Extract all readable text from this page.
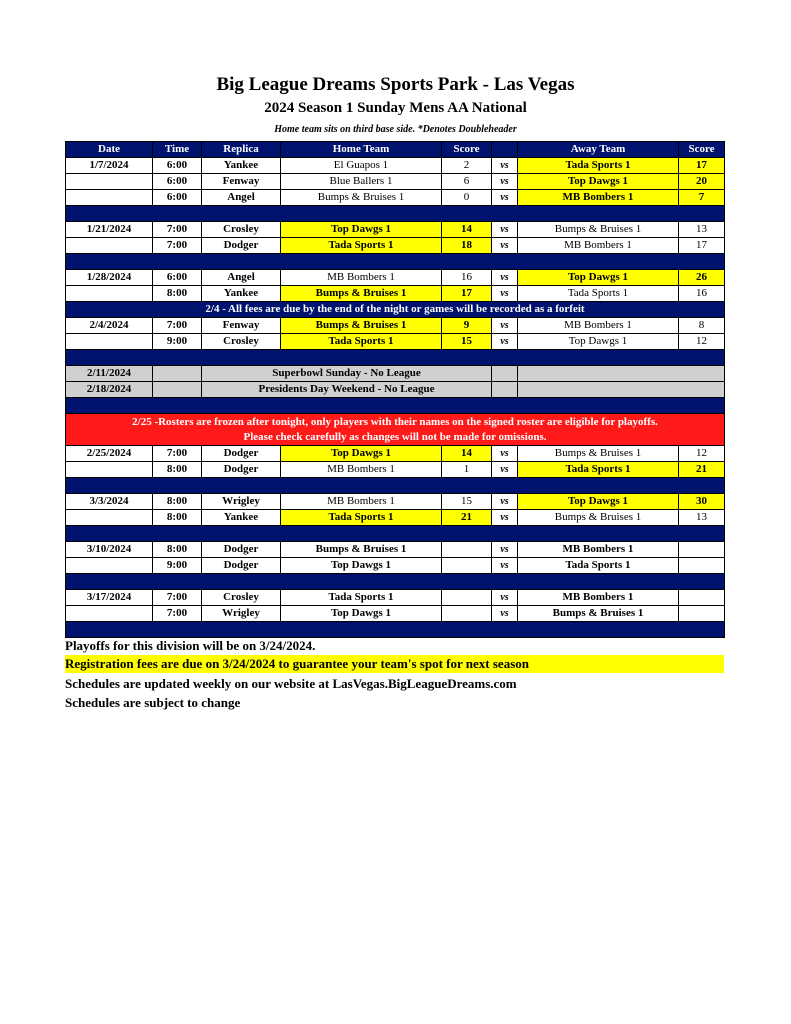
Big League Dreams Sports Park - Las Vegas
2024 Season 1 Sunday Mens AA National
Home team sits on third base side. *Denotes Doubleheader
Date	Time	Replica	Home Team	Score	Away Team	Score
1/7/2024	6:00	Yankee	El Guapos 1	2	vs	Tada Sports 1	17
6:00	Fenway	Blue Ballers 1	6	vs	Top Dawgs 1	20
6:00	Angel	Bumps & Bruises 1	0	vs	MB Bombers 1	7
1/21/2024	7:00	Crosley	Top Dawgs 1	14	vs	Bumps & Bruises 1	13
7:00	Dodger	Tada Sports 1	18	vs	MB Bombers 1	17
1/28/2024	6:00	Angel	MB Bombers 1	16	vs	Top Dawgs 1	26
8:00	Yankee	Bumps & Bruises 1	17	vs	Tada Sports 1	16
2/4 - All fees are due by the end of the night or games will be recorded as a forfeit
2/4/2024	7:00	Fenway	Bumps & Bruises 1	9	vs	MB Bombers 1	8
9:00	Crosley	Tada Sports 1	15	vs	Top Dawgs 1	12
2/11/2024	Superbowl Sunday - No League
2/18/2024	Presidents Day Weekend - No League
2/25 -Rosters are frozen after tonight, only players with their names on the signed roster are eligible for playoffs.
Please check carefully as changes will not be made for omissions.
2/25/2024	7:00	Dodger	Top Dawgs 1	14	vs	Bumps & Bruises 1	12
8:00	Dodger	MB Bombers 1	1	vs	Tada Sports 1	21
3/3/2024	8:00	Wrigley	MB Bombers 1	15	vs	Top Dawgs 1	30
8:00	Yankee	Tada Sports 1	21	vs	Bumps & Bruises 1	13
3/10/2024	8:00	Dodger	Bumps & Bruises 1	vs	MB Bombers 1
9:00	Dodger	Top Dawgs 1	vs	Tada Sports 1
3/17/2024	7:00	Crosley	Tada Sports 1	vs	MB Bombers 1
7:00	Wrigley	Top Dawgs 1	vs	Bumps & Bruises 1
Playoffs for this division will be on 3/24/2024.
Registration fees are due on 3/24/2024 to guarantee your team's spot for next season
Schedules are updated weekly on our website at LasVegas.BigLeagueDreams.com
Schedules are subject to change
